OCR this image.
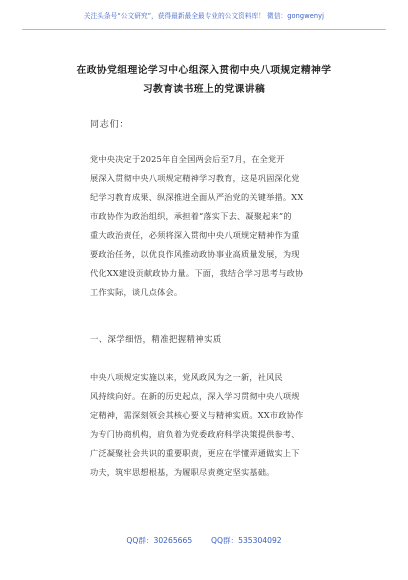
关注头条号“公文研究”，获得最新最全最专业的公文资料库！ 微信：gongwenyj
在政协党组理论学习中心组深入贯彻中央八项规定精神学
习教育读书班上的党课讲稿
同志们：
党中央决定于2025年自全国两会后至7月，在全党开
展深入贯彻中央八项规定精神学习教育，这是巩固深化党
纪学习教育成果、纵深推进全面从严治党的关键举措。XX
市政协作为政治组织，承担着“落实下去、凝聚起来”的
重大政治责任，必须将深入贯彻中央八项规定精神作为重
要政治任务，以优良作风推动政协事业高质量发展，为现
代化XX建设贡献政协力量。下面，我结合学习思考与政协
工作实际，谈几点体会。
一、深学细悟，精准把握精神实质
中央八项规定实施以来，党风政风为之一新，社风民
风持续向好。在新的历史起点，深入学习贯彻中央八项规
定精神，需深刻领会其核心要义与精神实质。XX市政协作
为专门协商机构，肩负着为党委政府科学决策提供参考、
广泛凝聚社会共识的重要职责，更应在学懂弄通做实上下
功夫，筑牢思想根基，为履职尽责奠定坚实基础。
QQ群：30265665 QQ群：535304092
